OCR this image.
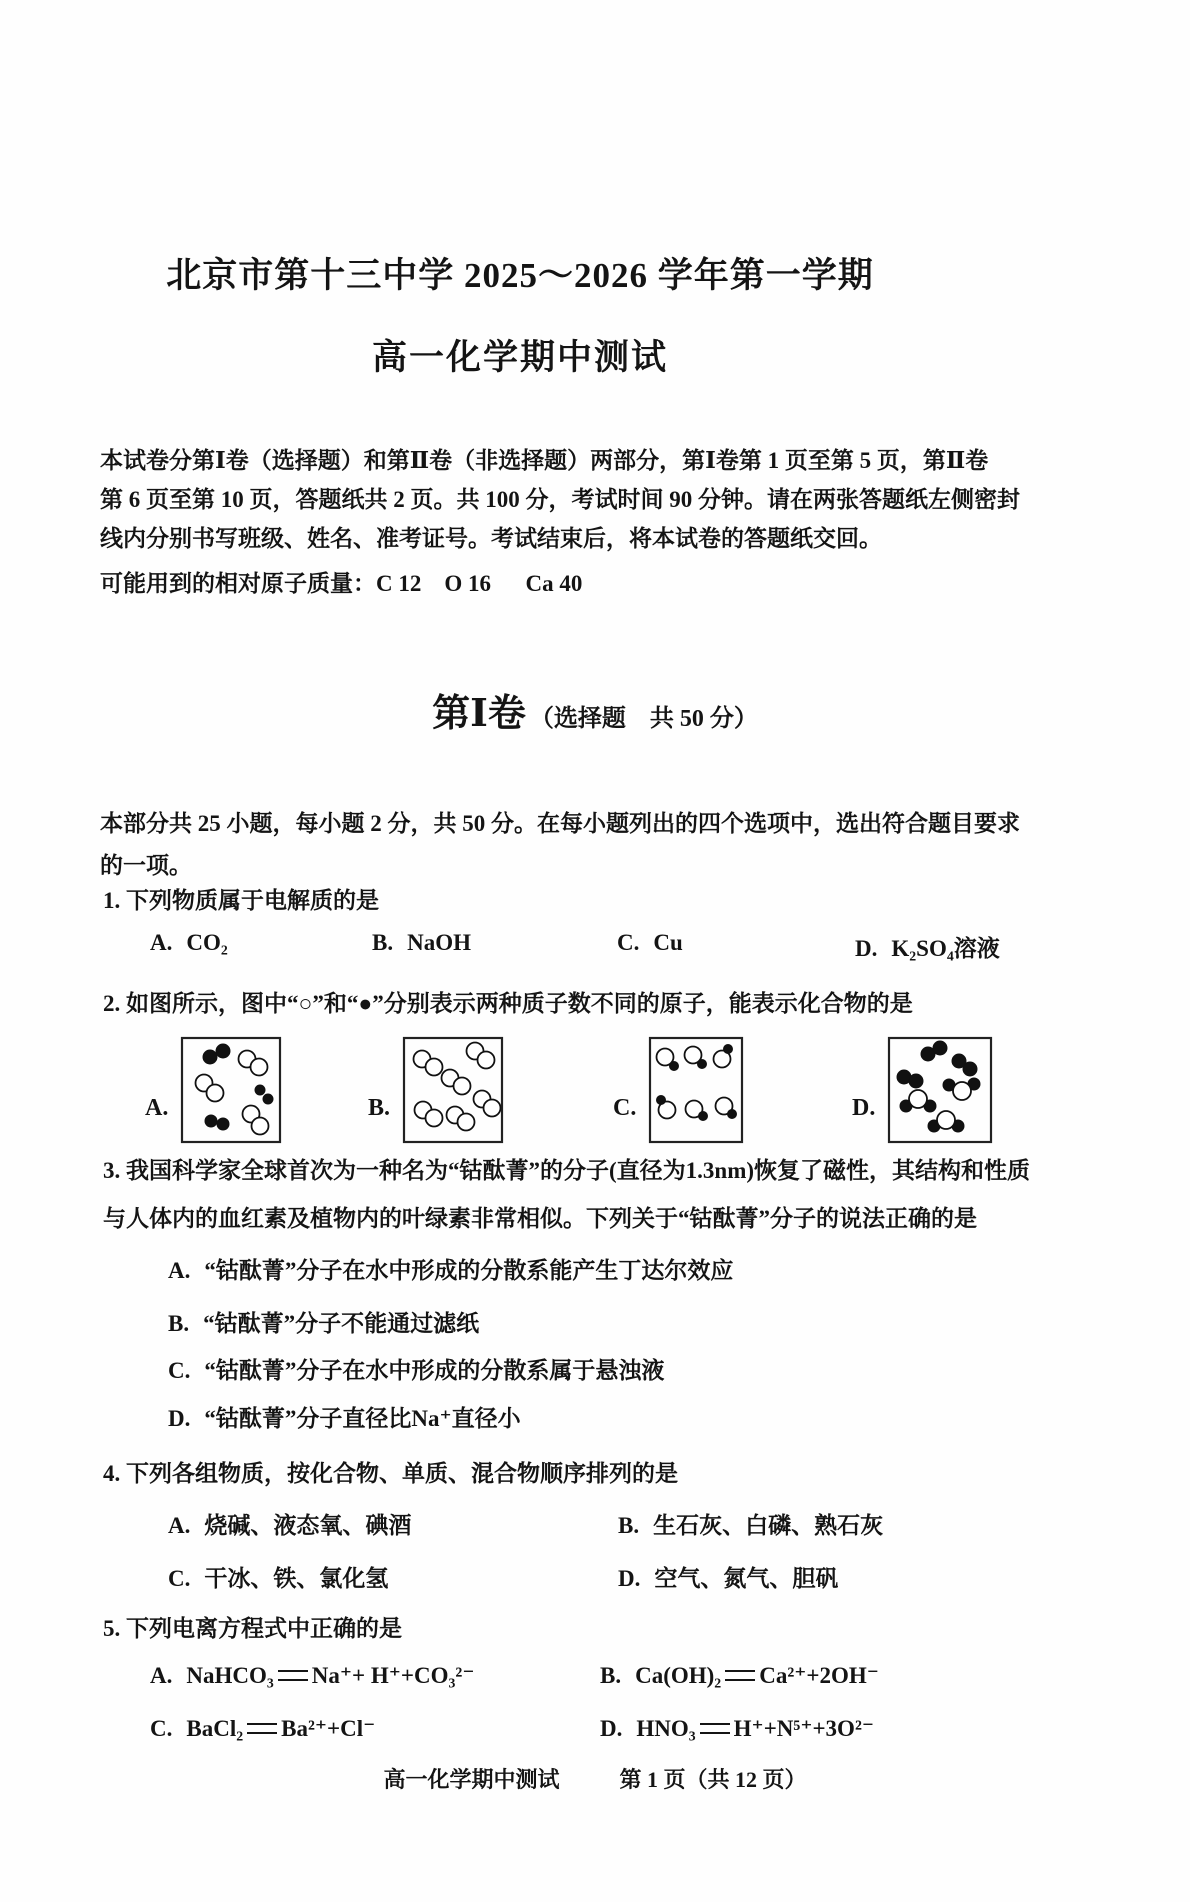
北京市第十三中学 2025～2026 学年第一学期
高一化学期中测试
本试卷分第Ⅰ卷（选择题）和第Ⅱ卷（非选择题）两部分，第Ⅰ卷第 1 页至第 5 页，第Ⅱ卷
第 6 页至第 10 页，答题纸共 2 页。共 100 分，考试时间 90 分钟。请在两张答题纸左侧密封
线内分别书写班级、姓名、准考证号。考试结束后，将本试卷的答题纸交回。
可能用到的相对原子质量：C 12    O 16      Ca 40
第Ⅰ卷 （选择题　共 50 分）
本部分共 25 小题，每小题 2 分，共 50 分。在每小题列出的四个选项中，选出符合题目要求
的一项。
1. 下列物质属于电解质的是
A. CO₂	B. NaOH	C. Cu	D. K₂SO₄溶液
2. 如图所示，图中“○”和“●”分别表示两种质子数不同的原子，能表示化合物的是
A.	B.	C.	D.
3. 我国科学家全球首次为一种名为“钴酞菁”的分子(直径为1.3nm)恢复了磁性，其结构和性质
与人体内的血红素及植物内的叶绿素非常相似。下列关于“钴酞菁”分子的说法正确的是
A. “钴酞菁”分子在水中形成的分散系能产生丁达尔效应
B. “钴酞菁”分子不能通过滤纸
C. “钴酞菁”分子在水中形成的分散系属于悬浊液
D. “钴酞菁”分子直径比Na⁺直径小
4. 下列各组物质，按化合物、单质、混合物顺序排列的是
A. 烧碱、液态氧、碘酒	B. 生石灰、白磷、熟石灰
C. 干冰、铁、氯化氢	D. 空气、氮气、胆矾
5. 下列电离方程式中正确的是
A. NaHCO₃ Na⁺+ H⁺+CO₃²⁻	B. Ca(OH)₂ Ca²⁺+2OH⁻
C. BaCl₂ Ba²⁺+Cl⁻	D. HNO₃ H⁺+N⁵⁺+3O²⁻
高一化学期中测试	第 1 页（共 12 页）
